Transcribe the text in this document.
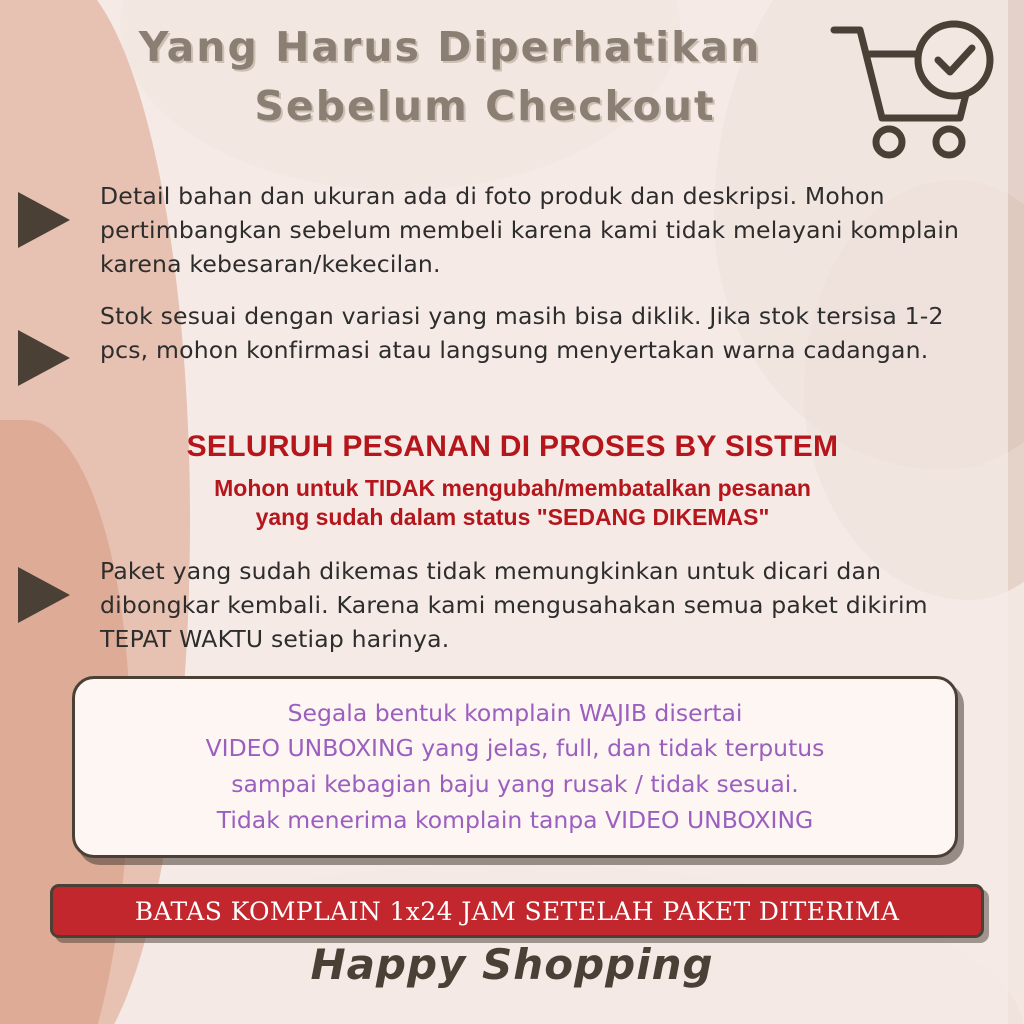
Yang Harus Diperhatikan
Sebelum Checkout
Detail bahan dan ukuran ada di foto produk dan deskripsi. Mohon pertimbangkan sebelum membeli karena kami tidak melayani komplain karena kebesaran/kekecilan.
Stok sesuai dengan variasi yang masih bisa diklik. Jika stok tersisa 1-2 pcs, mohon konfirmasi atau langsung menyertakan warna cadangan.
SELURUH PESANAN DI PROSES BY SISTEM
Mohon untuk TIDAK mengubah/membatalkan pesanan
yang sudah dalam status "SEDANG DIKEMAS"
Paket yang sudah dikemas tidak memungkinkan untuk dicari dan dibongkar kembali. Karena kami mengusahakan semua paket dikirim TEPAT WAKTU setiap harinya.
Segala bentuk komplain WAJIB disertai
VIDEO UNBOXING yang jelas, full, dan tidak terputus
sampai kebagian baju yang rusak / tidak sesuai.
Tidak menerima komplain tanpa VIDEO UNBOXING
BATAS KOMPLAIN 1x24 JAM SETELAH PAKET DITERIMA
Happy Shopping
